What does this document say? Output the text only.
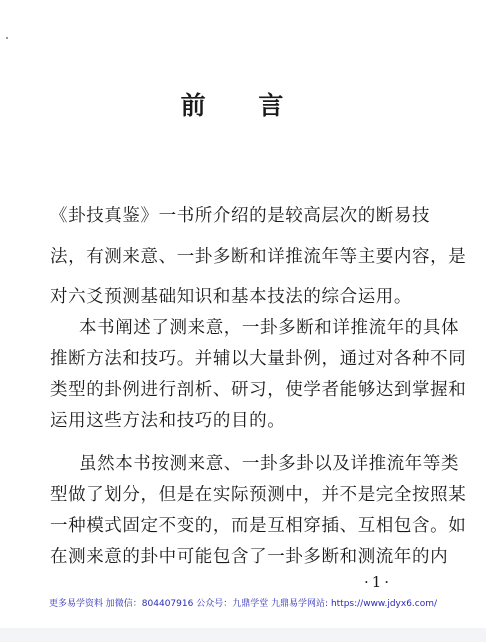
前 言
《卦技真鉴》一书所介绍的是较高层次的断易技
法，有测来意、一卦多断和详推流年等主要内容，是
对六爻预测基础知识和基本技法的综合运用。
本书阐述了测来意，一卦多断和详推流年的具体
推断方法和技巧。并辅以大量卦例，通过对各种不同
类型的卦例进行剖析、研习，使学者能够达到掌握和
运用这些方法和技巧的目的。
虽然本书按测来意、一卦多卦以及详推流年等类
型做了划分，但是在实际预测中，并不是完全按照某
一种模式固定不变的，而是互相穿插、互相包含。如
在测来意的卦中可能包含了一卦多断和测流年的内
·1·
更多易学资料 加微信：804407916 公众号：九鼎学堂 九鼎易学网站: https://www.jdyx6.com/
